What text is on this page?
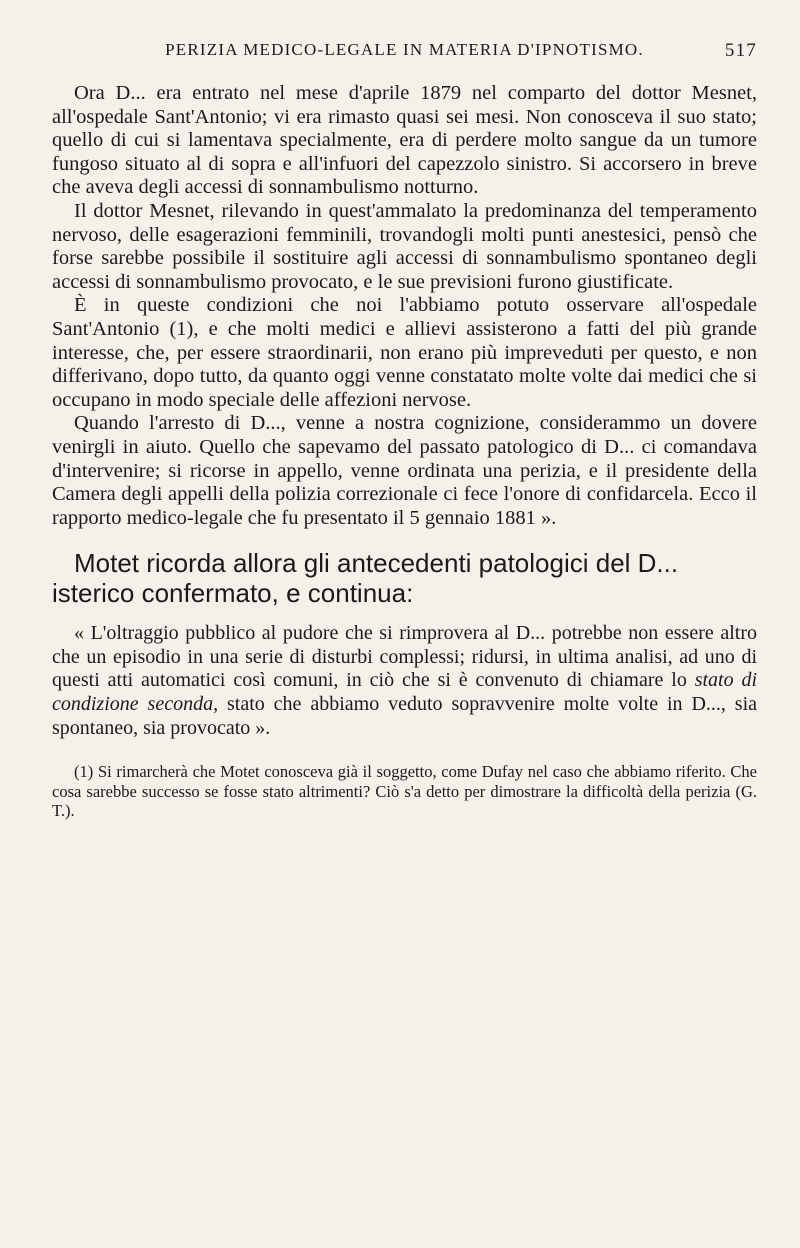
PERIZIA MEDICO-LEGALE IN MATERIA D'IPNOTISMO.	517

Ora D... era entrato nel mese d'aprile 1879 nel comparto del dottor Mesnet, all'ospedale Sant'Antonio; vi era rimasto quasi sei mesi. Non conosceva il suo stato; quello di cui si lamentava specialmente, era di perdere molto sangue da un tumore fungoso situato al di sopra e all'infuori del capezzolo sinistro. Si accorsero in breve che aveva degli accessi di sonnambulismo notturno.

Il dottor Mesnet, rilevando in quest'ammalato la predominanza del temperamento nervoso, delle esagerazioni femminili, trovandogli molti punti anestesici, pensò che forse sarebbe possibile il sostituire agli accessi di sonnambulismo spontaneo degli accessi di sonnambulismo provocato, e le sue previsioni furono giustificate.

È in queste condizioni che noi l'abbiamo potuto osservare all'ospedale Sant'Antonio (1), e che molti medici e allievi assisterono a fatti del più grande interesse, che, per essere straordinarii, non erano più impreveduti per questo, e non differivano, dopo tutto, da quanto oggi venne constatato molte volte dai medici che si occupano in modo speciale delle affezioni nervose.

Quando l'arresto di D..., venne a nostra cognizione, considerammo un dovere venirgli in aiuto. Quello che sapevamo del passato patologico di D... ci comandava d'intervenire; si ricorse in appello, venne ordinata una perizia, e il presidente della Camera degli appelli della polizia correzionale ci fece l'onore di confidarcela. Ecco il rapporto medico-legale che fu presentato il 5 gennaio 1881 ».

Motet ricorda allora gli antecedenti patologici del D... isterico confermato, e continua:

« L'oltraggio pubblico al pudore che si rimprovera al D... potrebbe non essere altro che un episodio in una serie di disturbi complessi; ridursi, in ultima analisi, ad uno di questi atti automatici così comuni, in ciò che si è convenuto di chiamare lo stato di condizione seconda, stato che abbiamo veduto sopravvenire molte volte in D..., sia spontaneo, sia provocato ».

(1) Si rimarcherà che Motet conosceva già il soggetto, come Dufay nel caso che abbiamo riferito. Che cosa sarebbe successo se fosse stato altrimenti? Ciò s'a detto per dimostrare la difficoltà della perizia (G. T.).
